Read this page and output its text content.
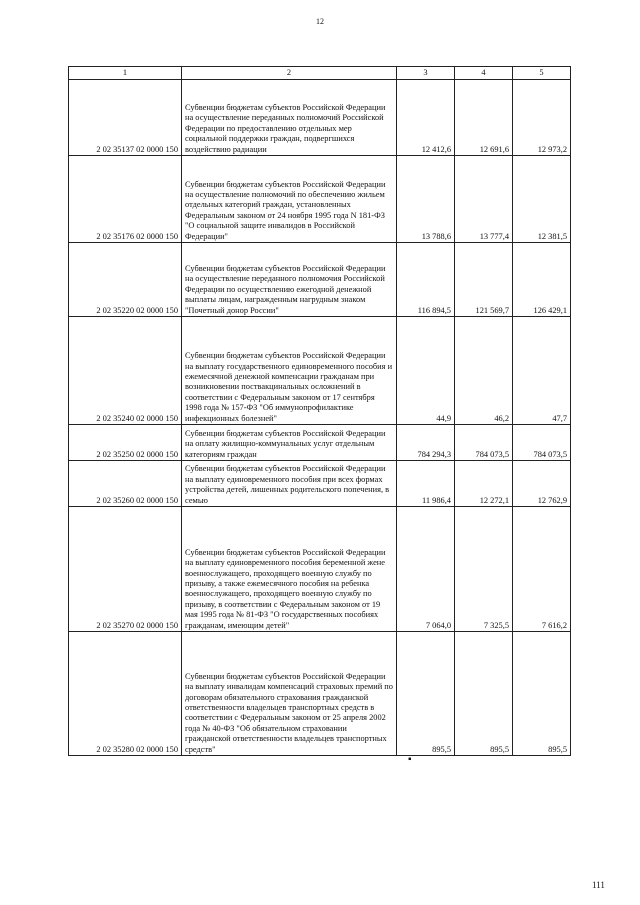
12
1	2	3	4	5
2 02 35137 02 0000 150	Субвенции бюджетам субъектов Российской Федерации на осуществление переданных полномочий Российской Федерации по предоставлению отдельных мер социальной поддержки граждан, подвергшихся воздействию радиации	12 412,6	12 691,6	12 973,2
2 02 35176 02 0000 150	Субвенции бюджетам субъектов Российской Федерации на осуществление полномочий по обеспечению жильем отдельных категорий граждан, установленных Федеральным законом от 24 ноября 1995 года N 181-ФЗ "О социальной защите инвалидов в Российской Федерации"	13 788,6	13 777,4	12 381,5
2 02 35220 02 0000 150	Субвенции бюджетам субъектов Российской Федерации на осуществление переданного полномочия Российской Федерации по осуществлению ежегодной денежной выплаты лицам, награжденным нагрудным знаком "Почетный донор России"	116 894,5	121 569,7	126 429,1
2 02 35240 02 0000 150	Субвенции бюджетам субъектов Российской Федерации на выплату государственного единовременного пособия и ежемесячной денежной компенсации гражданам при возникновении поствакцинальных осложнений в соответствии с Федеральным законом от 17 сентября 1998 года № 157-ФЗ "Об иммунопрофилактике инфекционных болезней"	44,9	46,2	47,7
2 02 35250 02 0000 150	Субвенции бюджетам субъектов Российской Федерации на оплату жилищно-коммунальных услуг отдельным категориям граждан	784 294,3	784 073,5	784 073,5
2 02 35260 02 0000 150	Субвенции бюджетам субъектов Российской Федерации на выплату единовременного пособия при всех формах устройства детей, лишенных родительского попечения, в семью	11 986,4	12 272,1	12 762,9
2 02 35270 02 0000 150	Субвенции бюджетам субъектов Российской Федерации на выплату единовременного пособия беременной жене военнослужащего, проходящего военную службу по призыву, а также ежемесячного пособия на ребенка военнослужащего, проходящего военную службу по призыву, в соответствии с Федеральным законом от 19 мая 1995 года № 81-ФЗ "О государственных пособиях гражданам, имеющим детей"	7 064,0	7 325,5	7 616,2
2 02 35280 02 0000 150	Субвенции бюджетам субъектов Российской Федерации на выплату инвалидам компенсаций страховых премий по договорам обязательного страхования гражданской ответственности владельцев транспортных средств в соответствии с Федеральным законом от 25 апреля 2002 года № 40-ФЗ "Об обязательном страховании гражданской ответственности владельцев транспортных средств"	895,5	895,5	895,5
▪
111
